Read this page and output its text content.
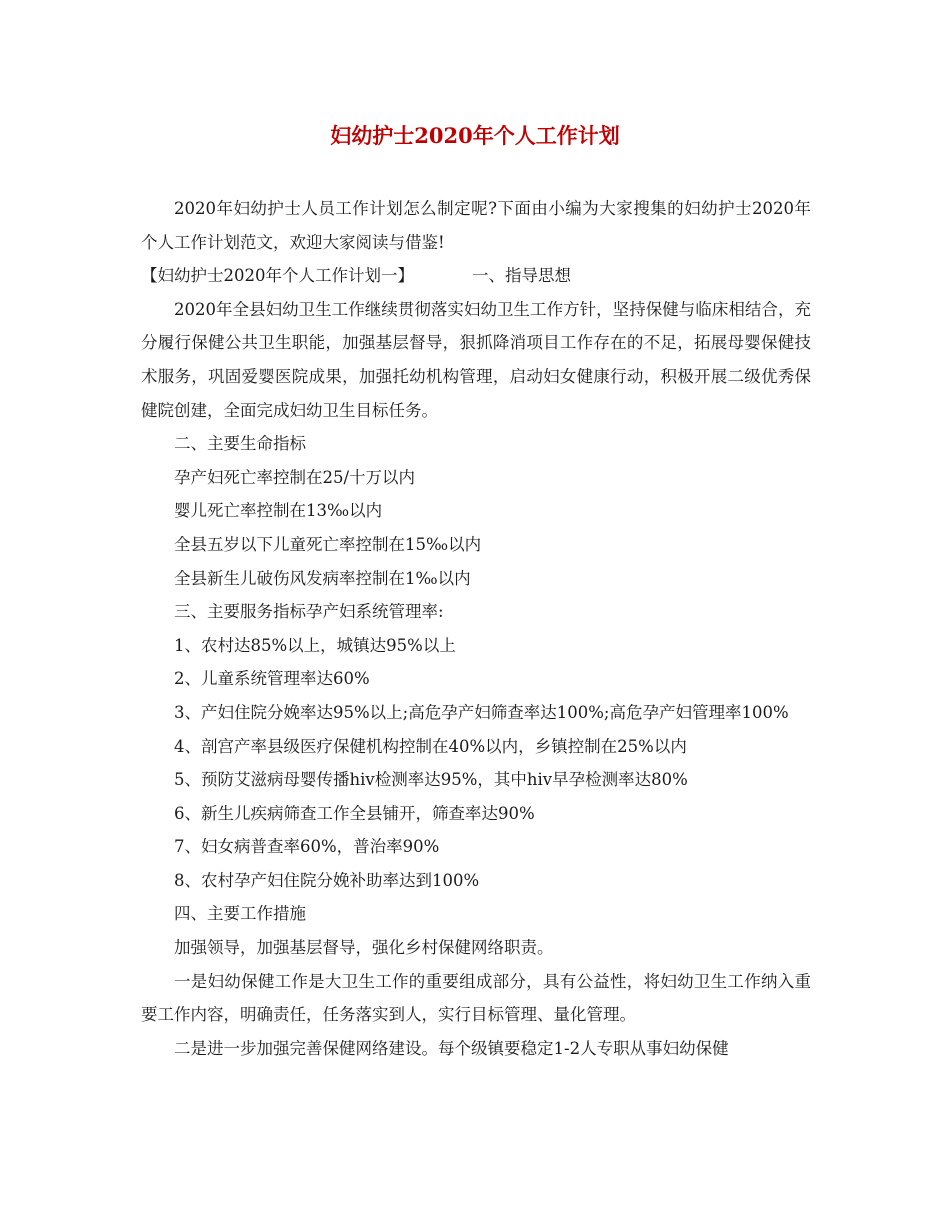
妇幼护士2020年个人工作计划

2020年妇幼护士人员工作计划怎么制定呢?下面由小编为大家搜集的妇幼护士2020年个人工作计划范文，欢迎大家阅读与借鉴!

【妇幼护士2020年个人工作计划一】	一、指导思想

2020年全县妇幼卫生工作继续贯彻落实妇幼卫生工作方针，坚持保健与临床相结合，充分履行保健公共卫生职能，加强基层督导，狠抓降消项目工作存在的不足，拓展母婴保健技术服务，巩固爱婴医院成果，加强托幼机构管理，启动妇女健康行动，积极开展二级优秀保健院创建，全面完成妇幼卫生目标任务。

二、主要生命指标

孕产妇死亡率控制在25/十万以内

婴儿死亡率控制在13‰以内

全县五岁以下儿童死亡率控制在15‰以内

全县新生儿破伤风发病率控制在1‰以内

三、主要服务指标孕产妇系统管理率:

1、农村达85%以上，城镇达95%以上

2、儿童系统管理率达60%

3、产妇住院分娩率达95%以上;高危孕产妇筛查率达100%;高危孕产妇管理率100%

4、剖宫产率县级医疗保健机构控制在40%以内，乡镇控制在25%以内

5、预防艾滋病母婴传播hiv检测率达95%，其中hiv早孕检测率达80%

6、新生儿疾病筛查工作全县铺开，筛查率达90%

7、妇女病普查率60%，普治率90%

8、农村孕产妇住院分娩补助率达到100%

四、主要工作措施

加强领导，加强基层督导，强化乡村保健网络职责。

一是妇幼保健工作是大卫生工作的重要组成部分，具有公益性，将妇幼卫生工作纳入重要工作内容，明确责任，任务落实到人，实行目标管理、量化管理。

二是进一步加强完善保健网络建设。每个级镇要稳定1-2人专职从事妇幼保健
